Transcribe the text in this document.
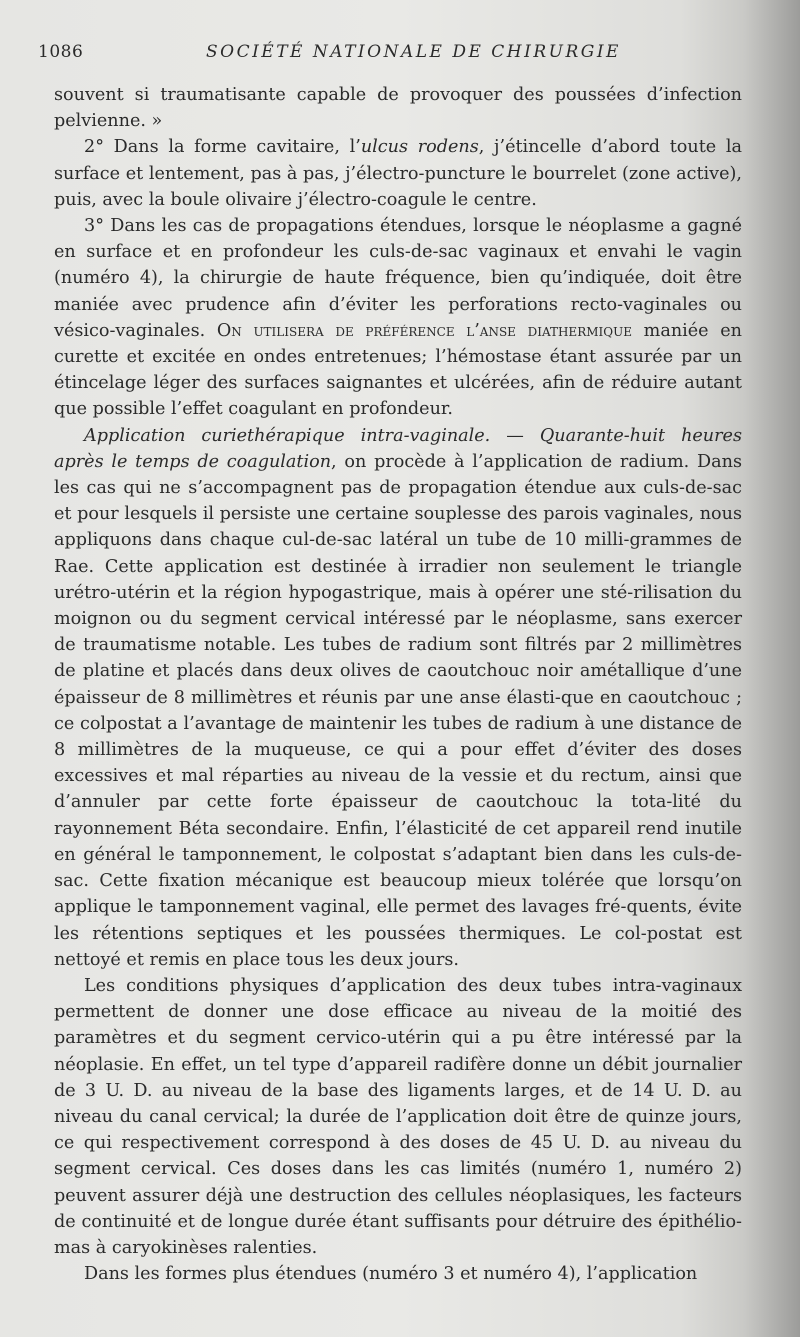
1086	SOCIÉTÉ NATIONALE DE CHIRURGIE

souvent si traumatisante capable de provoquer des poussées d’infection pelvienne. »

2° Dans la forme cavitaire, l’ulcus rodens, j’étincelle d’abord toute la surface et lentement, pas à pas, j’électro-puncture le bourrelet (zone active), puis, avec la boule olivaire j’électro-coagule le centre.

3° Dans les cas de propagations étendues, lorsque le néoplasme a gagné en surface et en profondeur les culs-de-sac vaginaux et envahi le vagin (numéro 4), la chirurgie de haute fréquence, bien qu’indiquée, doit être maniée avec prudence afin d’éviter les perforations recto-vaginales ou vésico-vaginales. On utilisera de préférence l’anse diathermique maniée en curette et excitée en ondes entretenues; l’hémostase étant assurée par un étincelage léger des surfaces saignantes et ulcérées, afin de réduire autant que possible l’effet coagulant en profondeur.

Application curiethérapique intra-vaginale. — Quarante-huit heures après le temps de coagulation, on procède à l’application de radium. Dans les cas qui ne s’accompagnent pas de propagation étendue aux culs-de-sac et pour lesquels il persiste une certaine souplesse des parois vaginales, nous appliquons dans chaque cul-de-sac latéral un tube de 10 milli-grammes de Rae. Cette application est destinée à irradier non seulement le triangle urétro-utérin et la région hypogastrique, mais à opérer une sté-rilisation du moignon ou du segment cervical intéressé par le néoplasme, sans exercer de traumatisme notable. Les tubes de radium sont filtrés par 2 millimètres de platine et placés dans deux olives de caoutchouc noir amétallique d’une épaisseur de 8 millimètres et réunis par une anse élasti-que en caoutchouc ; ce colpostat a l’avantage de maintenir les tubes de radium à une distance de 8 millimètres de la muqueuse, ce qui a pour effet d’éviter des doses excessives et mal réparties au niveau de la vessie et du rectum, ainsi que d’annuler par cette forte épaisseur de caoutchouc la tota-lité du rayonnement Béta secondaire. Enfin, l’élasticité de cet appareil rend inutile en général le tamponnement, le colpostat s’adaptant bien dans les culs-de-sac. Cette fixation mécanique est beaucoup mieux tolérée que lorsqu’on applique le tamponnement vaginal, elle permet des lavages fré-quents, évite les rétentions septiques et les poussées thermiques. Le col-postat est nettoyé et remis en place tous les deux jours.

Les conditions physiques d’application des deux tubes intra-vaginaux permettent de donner une dose efficace au niveau de la moitié des paramètres et du segment cervico-utérin qui a pu être intéressé par la néoplasie. En effet, un tel type d’appareil radifère donne un débit journalier de 3 U. D. au niveau de la base des ligaments larges, et de 14 U. D. au niveau du canal cervical; la durée de l’application doit être de quinze jours, ce qui respectivement correspond à des doses de 45 U. D. au niveau du segment cervical. Ces doses dans les cas limités (numéro 1, numéro 2) peuvent assurer déjà une destruction des cellules néoplasiques, les facteurs de continuité et de longue durée étant suffisants pour détruire des épithélio-mas à caryokinèses ralenties.

Dans les formes plus étendues (numéro 3 et numéro 4), l’application
